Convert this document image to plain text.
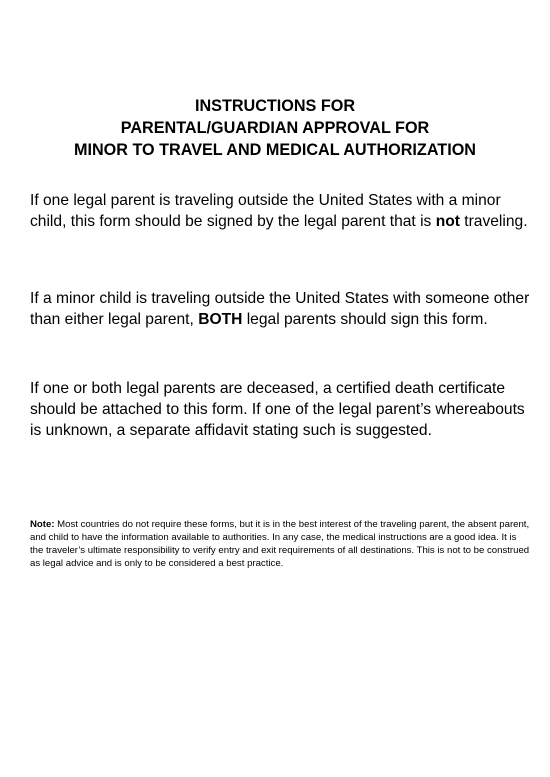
INSTRUCTIONS FOR
PARENTAL/GUARDIAN APPROVAL FOR
MINOR TO TRAVEL AND MEDICAL AUTHORIZATION

If one legal parent is traveling outside the United States with a minor child, this form should be signed by the legal parent that is not traveling.

If a minor child is traveling outside the United States with someone other than either legal parent, BOTH legal parents should sign this form.

If one or both legal parents are deceased, a certified death certificate should be attached to this form. If one of the legal parent’s whereabouts is unknown, a separate affidavit stating such is suggested.

Note: Most countries do not require these forms, but it is in the best interest of the traveling parent, the absent parent, and child to have the information available to authorities. In any case, the medical instructions are a good idea. It is the traveler’s ultimate responsibility to verify entry and exit requirements of all destinations. This is not to be construed as legal advice and is only to be considered a best practice.
